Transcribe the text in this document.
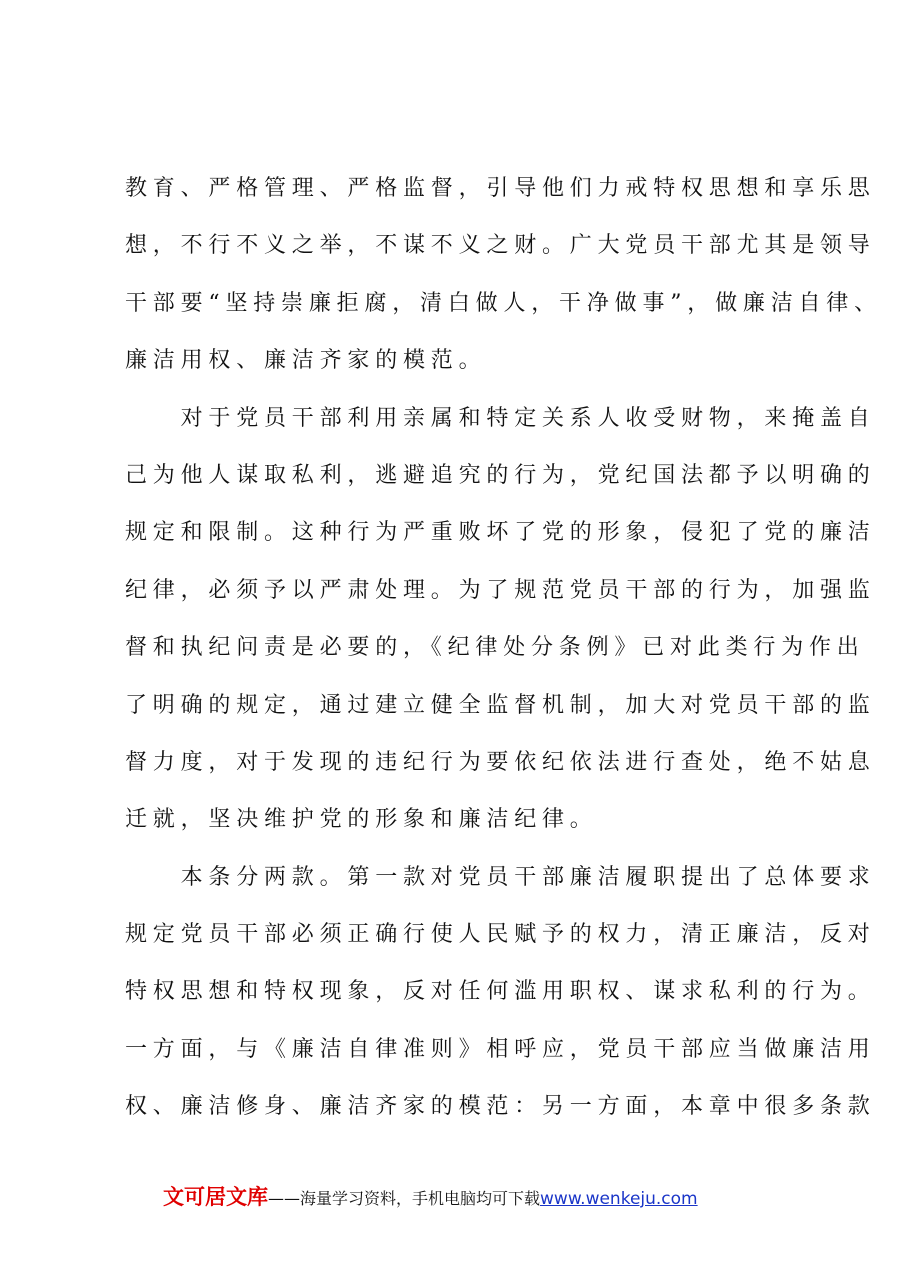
教育、严格管理、严格监督，引导他们力戒特权思想和享乐思
想，不行不义之举，不谋不义之财。广大党员干部尤其是领导
干部要“坚持崇廉拒腐，清白做人，干净做事”，做廉洁自律、
廉洁用权、廉洁齐家的模范。
　　对于党员干部利用亲属和特定关系人收受财物，来掩盖自
己为他人谋取私利，逃避追究的行为，党纪国法都予以明确的
规定和限制。这种行为严重败坏了党的形象，侵犯了党的廉洁
纪律，必须予以严肃处理。为了规范党员干部的行为，加强监
督和执纪问责是必要的，《纪律处分条例》已对此类行为作出
了明确的规定，通过建立健全监督机制，加大对党员干部的监
督力度，对于发现的违纪行为要依纪依法进行查处，绝不姑息
迁就，坚决维护党的形象和廉洁纪律。
　　本条分两款。第一款对党员干部廉洁履职提出了总体要求
规定党员干部必须正确行使人民赋予的权力，清正廉洁，反对
特权思想和特权现象，反对任何滥用职权、谋求私利的行为。
一方面，与《廉洁自律准则》相呼应，党员干部应当做廉洁用
权、廉洁修身、廉洁齐家的模范：另一方面，本章中很多条款
文可居文库——海量学习资料，手机电脑均可下载www.wenkeju.com
